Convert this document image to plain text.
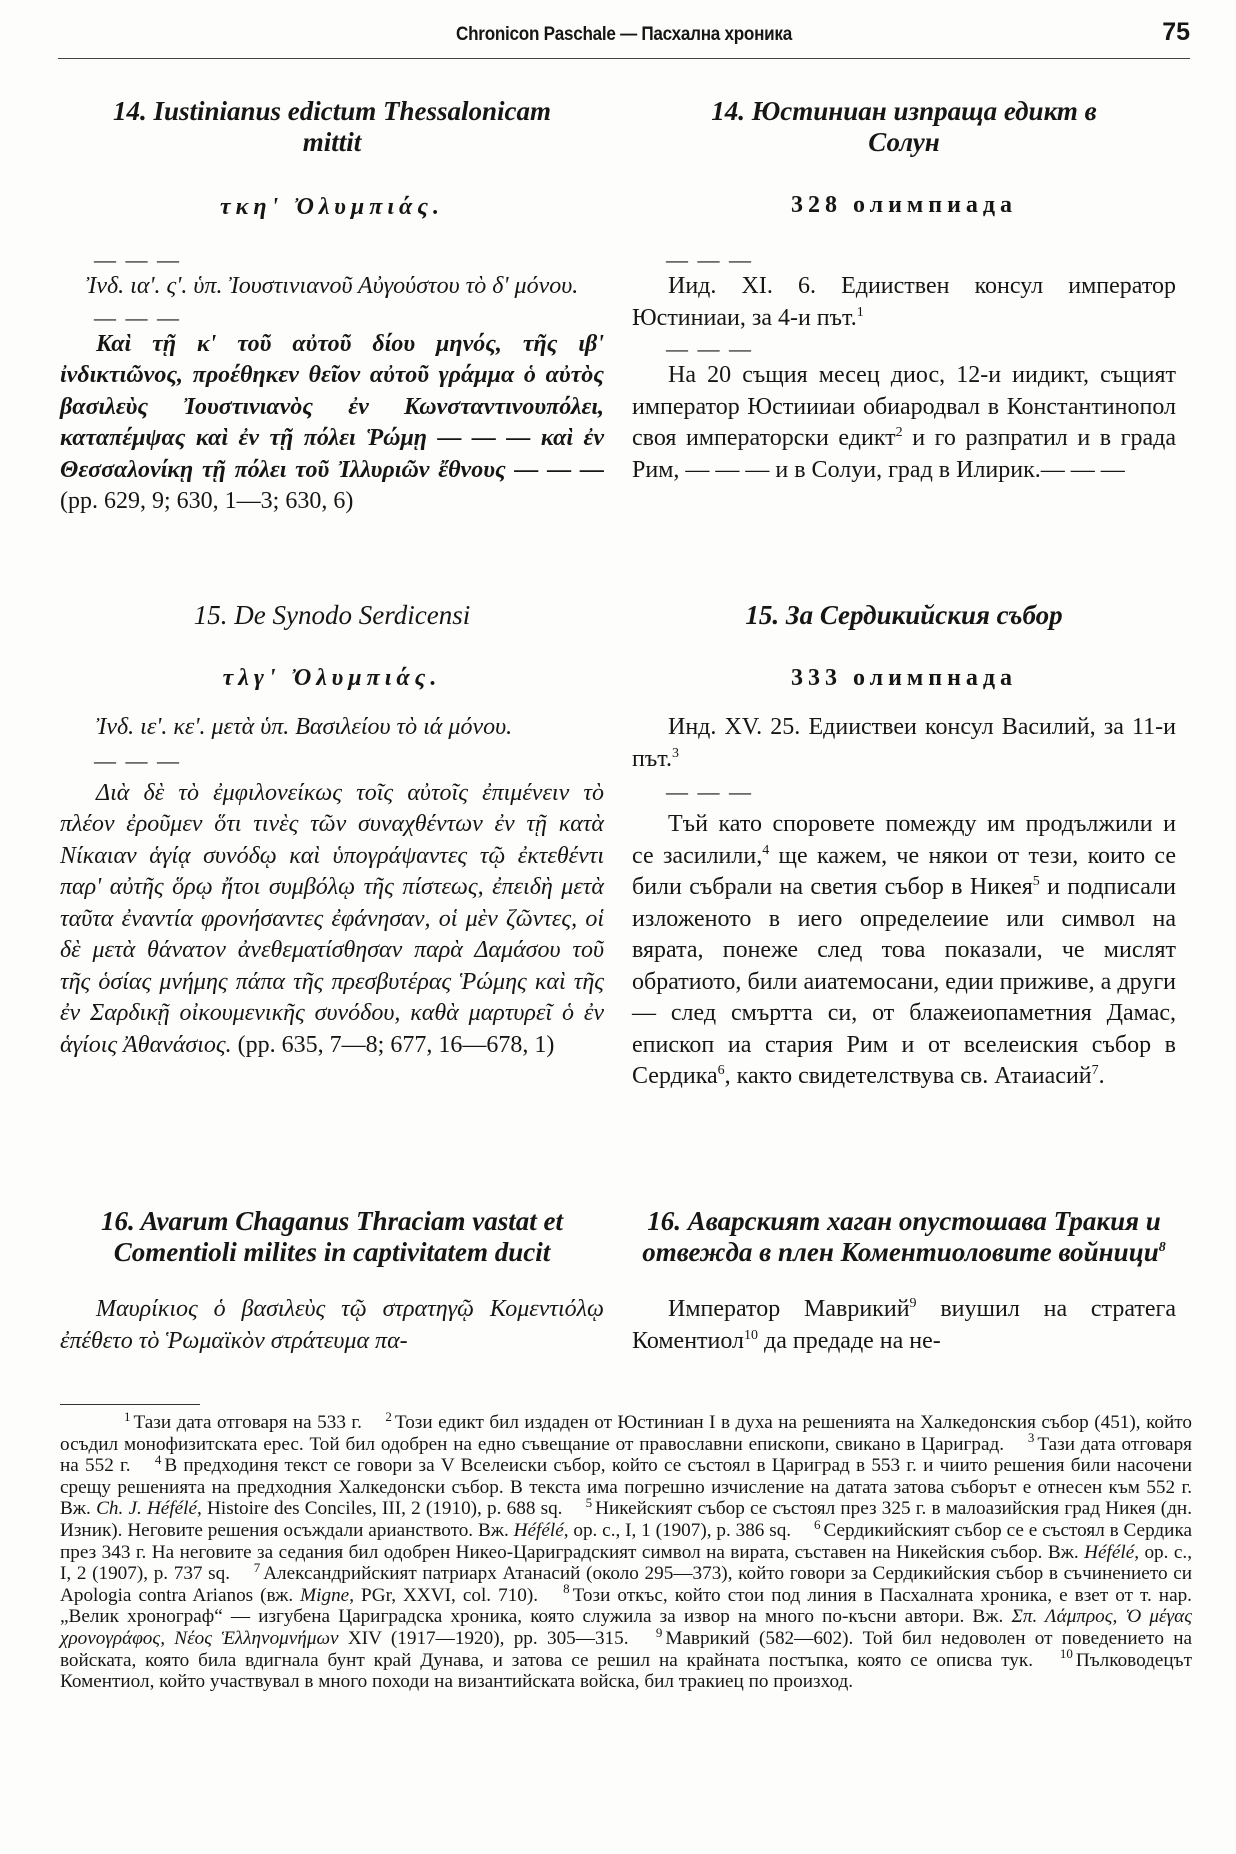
Chronicon Paschale — Пасхална хроника	75

14. Iustinianus edictum Thessalonicam mittit

τκη' Ὀλυμπιάς.

— — —

Ἰνδ. ια'. ς'. ὑπ. Ἰουστινιανοῦ Αὐγούστου τὸ δ' μόνου.

— — —

Καὶ τῇ κ' τοῦ αὐτοῦ δίου μηνός, τῆς ιβ' ἰνδικτιῶνος, προέθηκεν θεῖον αὐτοῦ γράμμα ὁ αὐτὸς βασιλεὺς Ἰουστινιανὸς ἐν Κωνσταντινουπόλει, καταπέμψας καὶ ἐν τῇ πόλει Ῥώμῃ — — — καὶ ἐν Θεσσαλονίκῃ τῇ πόλει τοῦ Ἰλλυριῶν ἔθνους — — — (pp. 629, 9; 630, 1—3; 630, 6)

14. Юстиниан изпраща едикт в Солун

328 олимпиада

— — —

Иид. XI. 6. Едииствен консул император Юстиниаи, за 4-и път.$^1$

— — —

На 20 същия месец диос, 12-и иидикт, същият император Юстиииаи обиародвал в Константинопол своя императорски едикт$^2$ и го разпратил и в града Рим, — — — и в Солуи, град в Илирик.— — —

15. De Synodo Serdicensi

τλγ' Ὀλυμπιάς.

Ἰνδ. ιε'. κε'. μετὰ ὑπ. Βασιλείου τὸ ιά μόνου.

— — —

Διὰ δὲ τὸ ἐμφιλονείκως τοῖς αὐτοῖς ἐπιμένειν τὸ πλέον ἐροῦμεν ὅτι τινὲς τῶν συναχθέντων ἐν τῇ κατὰ Νίκαιαν ἁγίᾳ συνόδῳ καὶ ὑπογράψαντες τῷ ἐκτεθέντι παρ' αὐτῆς ὅρῳ ἤτοι συμβόλῳ τῆς πίστεως, ἐπειδὴ μετὰ ταῦτα ἐναντία φρονήσαντες ἐφάνησαν, οἱ μὲν ζῶντες, οἱ δὲ μετὰ θάνατον ἀνεθεματίσθησαν παρὰ Δαμάσου τοῦ τῆς ὁσίας μνήμης πάπα τῆς πρεσβυτέρας Ῥώμης καὶ τῆς ἐν Σαρδικῇ οἰκουμενικῆς συνόδου, καθὰ μαρτυρεῖ ὁ ἐν ἁγίοις Ἀθανάσιος. (pp. 635, 7—8; 677, 16—678, 1)

15. За Сердикийския събор

333 олимпнада

Инд. XV. 25. Едииствеи консул Василий, за 11-и път.$^3$

— — —

Тъй като споровете помежду им продължили и се засилили,$^4$ ще кажем, че някои от тези, които се били събрали на светия събор в Никея$^5$ и подписали изложеното в иего определеиие или символ на вярата, понеже след това показали, че мислят обратиото, били аиатемосани, едии приживе, а други — след смъртта си, от блажеиопаметния Дамас, епископ иа стария Рим и от вселеиския събор в Сердика$^6$, както свидетелствува св. Атаиасий$^7$.

16. Avarum Chaganus Thraciam vastat et Comentioli milites in captivitatem ducit

Μαυρίκιος ὁ βασιλεὺς τῷ στρατηγῷ Κομεντιόλῳ ἐπέθετο τὸ Ῥωμαϊκὸν στράτευμα πα-

16. Аварският хаган опустошава Тракия и отвежда в плен Коментиоловите войници$^8$

Император Маврикий$^9$ виушил на стратега Коментиол$^{10}$ да предаде на не-

$^1$ Тази дата отговаря на 533 г. $^2$ Този едикт бил издаден от Юстиниан I в духа на решенията на Халкедонския събор (451), който осъдил монофизитската ерес. Той бил одобрен на едно съвещание от православни епископи, свикано в Цариград. $^3$ Тази дата отговаря на 552 г. $^4$ В предходиня текст се говори за V Вселеиски събор, който се състоял в Цариград в 553 г. и чиито решения били насочени срещу решенията на предходния Халкедонски събор. В текста има погрешно изчисление на датата затова съборът е отнесен към 552 г. Вж. Ch. J. Héfélé, Histoire des Conciles, III, 2 (1910), p. 688 sq. $^5$ Никейският събор се състоял през 325 г. в малоазийския град Никея (дн. Изник). Неговите решения осъждали арианството. Вж. Héfélé, op. c., I, 1 (1907), p. 386 sq. $^6$ Сердикийският събор се е състоял в Сердика през 343 г. На неговите за седания бил одобрен Никео-Цариградският символ на вирата, съставен на Никейския събор. Вж. Héfélé, op. c., I, 2 (1907), p. 737 sq. $^7$ Александрийският патриарх Атанасий (около 295—373), който говори за Сердикийския събор в съчинението си Apologia contra Arianos (вж. Migne, PGr, XXVI, col. 710). $^8$ Този откъс, който стои под линия в Пасхалната хроника, е взет от т. нар. „Велик хронограф“ — изгубена Цариградска хроника, която служила за извор на много по-късни автори. Вж. Σπ. Λάμπρος, Ὁ μέγας χρονογράφος, Νέος Ἑλληνομνήμων XIV (1917—1920), pp. 305—315. $^9$ Маврикий (582—602). Той бил недоволен от поведението на войската, която била вдигнала бунт край Дунава, и затова се решил на крайната постъпка, която се описва тук. $^{10}$ Пълководецът Коментиол, който участвувал в много походи на византийската войска, бил тракиец по произход.
